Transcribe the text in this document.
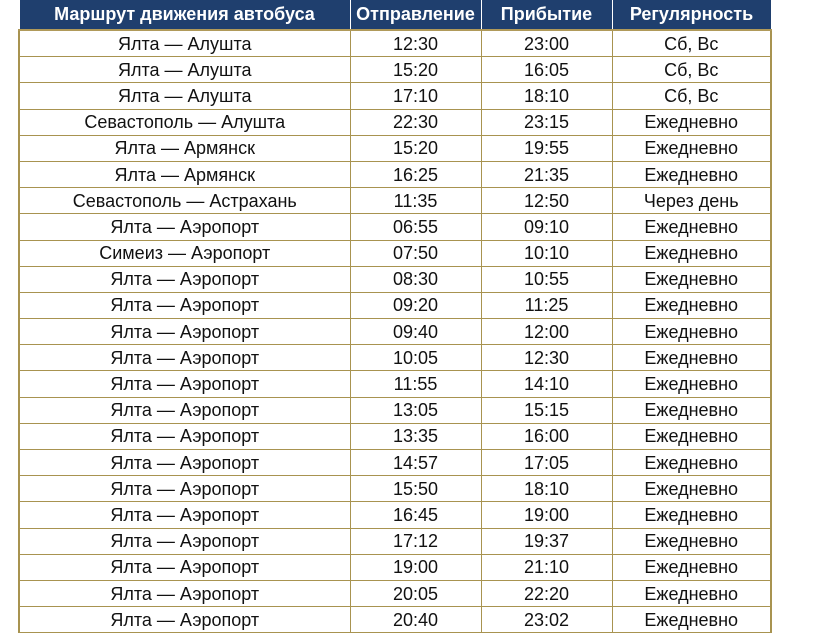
Маршрут движения автобуса	Отправление	Прибытие	Регулярность
Ялта — Алушта	12:30	23:00	Сб, Вс
Ялта — Алушта	15:20	16:05	Сб, Вс
Ялта — Алушта	17:10	18:10	Сб, Вс
Севастополь — Алушта	22:30	23:15	Ежедневно
Ялта — Армянск	15:20	19:55	Ежедневно
Ялта — Армянск	16:25	21:35	Ежедневно
Севастополь — Астрахань	11:35	12:50	Через день
Ялта — Аэропорт	06:55	09:10	Ежедневно
Симеиз — Аэропорт	07:50	10:10	Ежедневно
Ялта — Аэропорт	08:30	10:55	Ежедневно
Ялта — Аэропорт	09:20	11:25	Ежедневно
Ялта — Аэропорт	09:40	12:00	Ежедневно
Ялта — Аэропорт	10:05	12:30	Ежедневно
Ялта — Аэропорт	11:55	14:10	Ежедневно
Ялта — Аэропорт	13:05	15:15	Ежедневно
Ялта — Аэропорт	13:35	16:00	Ежедневно
Ялта — Аэропорт	14:57	17:05	Ежедневно
Ялта — Аэропорт	15:50	18:10	Ежедневно
Ялта — Аэропорт	16:45	19:00	Ежедневно
Ялта — Аэропорт	17:12	19:37	Ежедневно
Ялта — Аэропорт	19:00	21:10	Ежедневно
Ялта — Аэропорт	20:05	22:20	Ежедневно
Ялта — Аэропорт	20:40	23:02	Ежедневно
